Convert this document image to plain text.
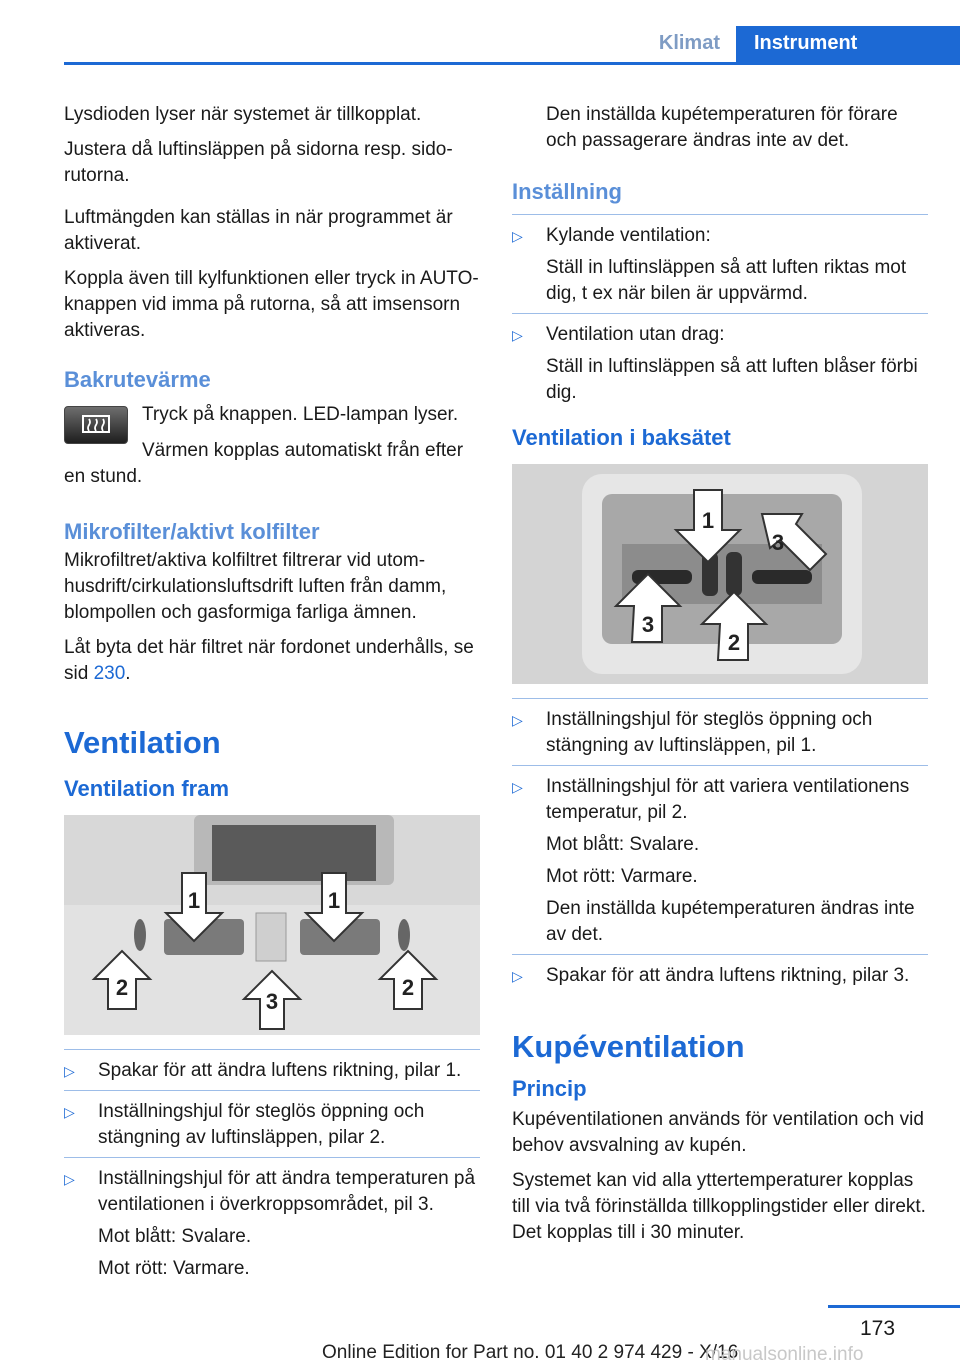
Klimat	Instrument

Lysdioden lyser när systemet är tillkopplat.

Justera då luftinsläppen på sidorna resp. sidorutorna.

Luftmängden kan ställas in när programmet är aktiverat.

Koppla även till kylfunktionen eller tryck in AUTO-knappen vid imma på rutorna, så att imsensorn aktiveras.

Bakrutevärme

Tryck på knappen. LED-lampan lyser.

Värmen kopplas automatiskt från efter en stund.

Mikrofilter/aktivt kolfilter

Mikrofiltret/aktiva kolfiltret filtrerar vid utomhusdrift/cirkulationsluftsdrift luften från damm, blompollen och gasformiga farliga ämnen.

Låt byta det här filtret när fordonet underhålls, se sid 230.

Ventilation
Ventilation fram
1	1
2
3
2
▷ Spakar för att ändra luftens riktning, pilar 1.
▷ Inställningshjul för steglös öppning och stängning av luftinsläppen, pilar 2.
▷ Inställningshjul för att ändra temperaturen på ventilationen i överkroppsområdet, pil 3.
Mot blått: Svalare.
Mot rött: Varmare.

Den inställda kupétemperaturen för förare och passagerare ändras inte av det.

Inställning
▷ Kylande ventilation:
Ställ in luftinsläppen så att luften riktas mot dig, t ex när bilen är uppvärmd.
▷ Ventilation utan drag:
Ställ in luftinsläppen så att luften blåser förbi dig.
Ventilation i baksätet
1
3
3
2
▷ Inställningshjul för steglös öppning och stängning av luftinsläppen, pil 1.
▷ Inställningshjul för att variera ventilationens temperatur, pil 2.
Mot blått: Svalare.
Mot rött: Varmare.
Den inställda kupétemperaturen ändras inte av det.
▷ Spakar för att ändra luftens riktning, pilar 3.
Kupéventilation
Princip

Kupéventilationen används för ventilation och vid behov avsvalning av kupén.

Systemet kan vid alla yttertemperaturer kopplas till via två förinställda tillkopplingstider eller direkt. Det kopplas till i 30 minuter.

173
Online Edition for Part no. 01 40 2 974 429 - X/16
manualsonline.info
